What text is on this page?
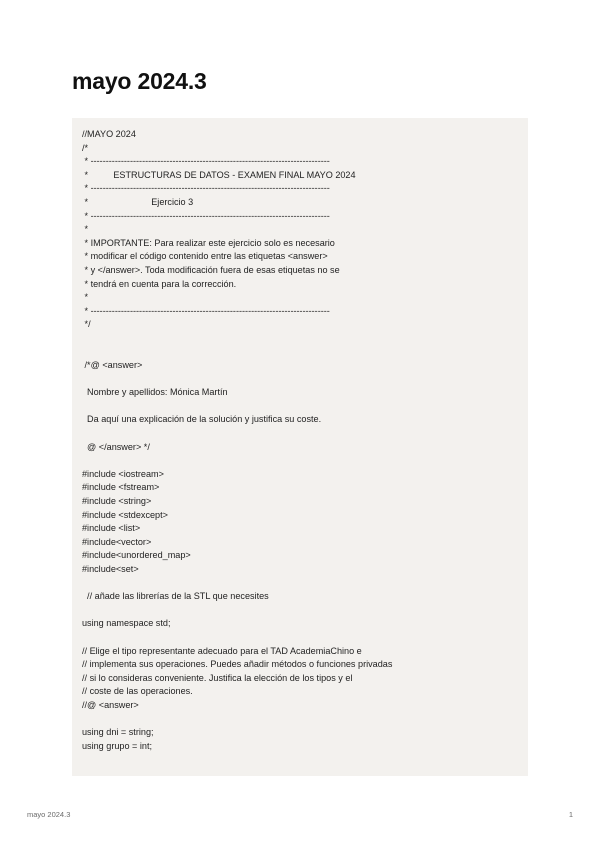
mayo 2024.3
//MAYO 2024
/*
* -------------------------------------------------------------------------------
*          ESTRUCTURAS DE DATOS - EXAMEN FINAL MAYO 2024
* -------------------------------------------------------------------------------
*                         Ejercicio 3
* -------------------------------------------------------------------------------
*
* IMPORTANTE: Para realizar este ejercicio solo es necesario
* modificar el código contenido entre las etiquetas <answer>
* y </answer>. Toda modificación fuera de esas etiquetas no se
* tendrá en cuenta para la corrección.
*
* -------------------------------------------------------------------------------
*/
/*@ <answer>
Nombre y apellidos: Mónica Martín
Da aquí una explicación de la solución y justifica su coste.
@ </answer> */
#include <iostream>
#include <fstream>
#include <string>
#include <stdexcept>
#include <list>
#include<vector>
#include<unordered_map>
#include<set>
// añade las librerías de la STL que necesites
using namespace std;
// Elige el tipo representante adecuado para el TAD AcademiaChino e
// implementa sus operaciones. Puedes añadir métodos o funciones privadas
// si lo consideras conveniente. Justifica la elección de los tipos y el
// coste de las operaciones.
//@ <answer>
using dni = string;
using grupo = int;
mayo 2024.3	1
